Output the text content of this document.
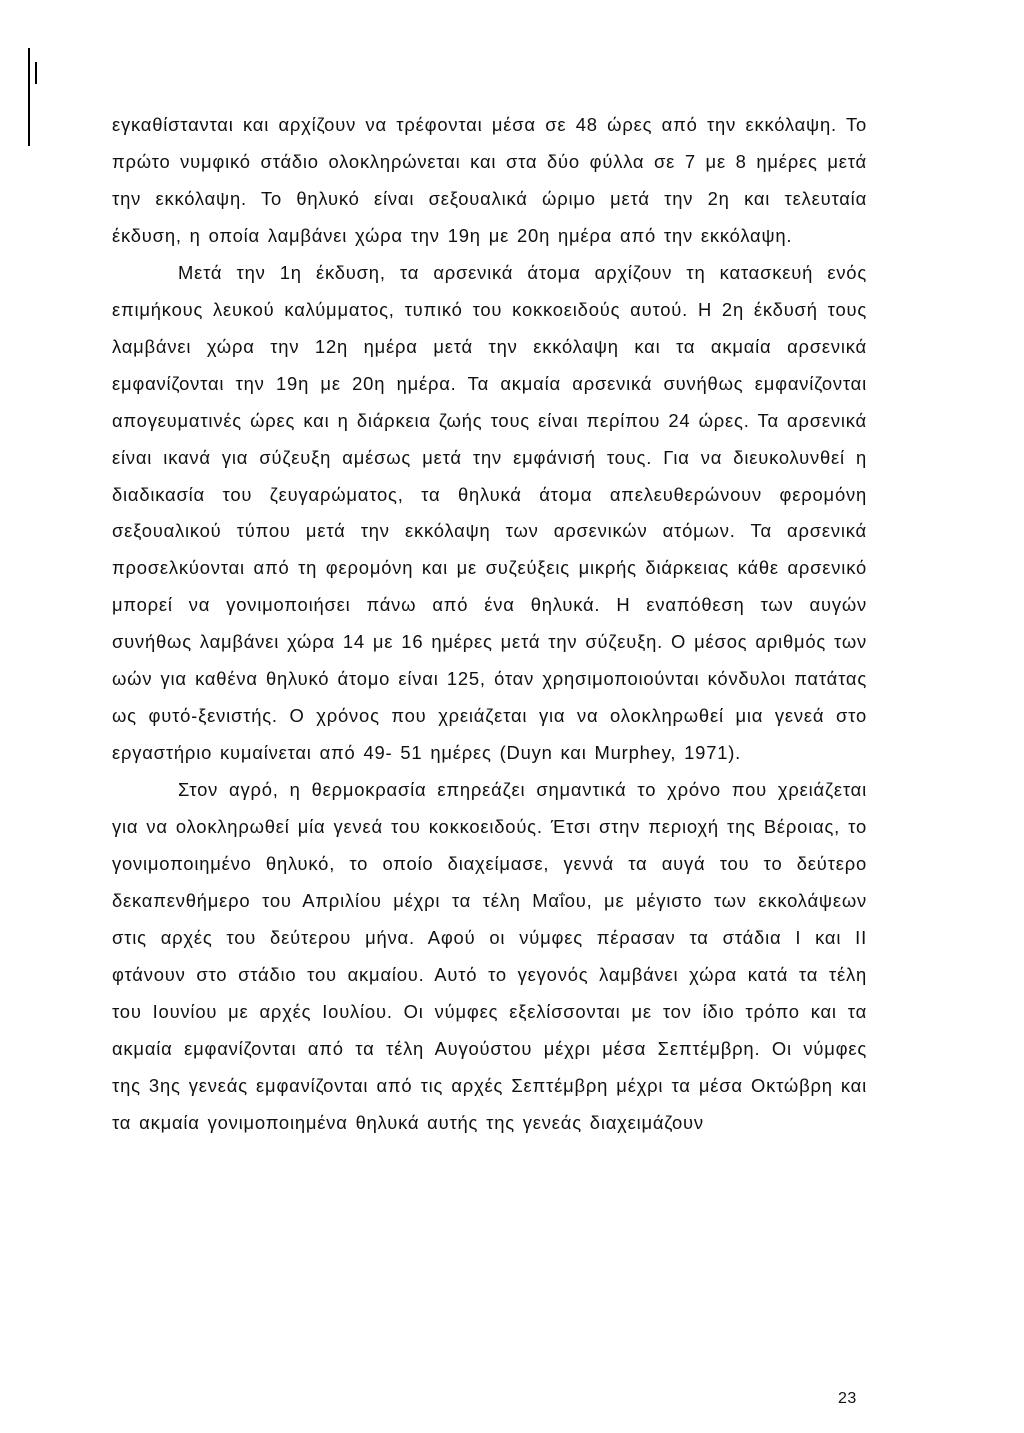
εγκαθίστανται και αρχίζουν να τρέφονται μέσα σε 48 ώρες από την εκκόλαψη. Το πρώτο νυμφικό στάδιο ολοκληρώνεται και στα δύο φύλλα σε 7 με 8 ημέρες μετά την εκκόλαψη. Το θηλυκό είναι σεξουαλικά ώριμο μετά την 2η και τελευταία έκδυση, η οποία λαμβάνει χώρα την 19η με 20η ημέρα από την εκκόλαψη.

Μετά την 1η έκδυση, τα αρσενικά άτομα αρχίζουν τη κατασκευή ενός επιμήκους λευκού καλύμματος, τυπικό του κοκκοειδούς αυτού. Η 2η έκδυσή τους λαμβάνει χώρα την 12η ημέρα μετά την εκκόλαψη και τα ακμαία αρσενικά εμφανίζονται την 19η με 20η ημέρα. Τα ακμαία αρσενικά συνήθως εμφανίζονται απογευματινές ώρες και η διάρκεια ζωής τους είναι περίπου 24 ώρες. Τα αρσενικά είναι ικανά για σύζευξη αμέσως μετά την εμφάνισή τους. Για να διευκολυνθεί η διαδικασία του ζευγαρώματος, τα θηλυκά άτομα απελευθερώνουν φερομόνη σεξουαλικού τύπου μετά την εκκόλαψη των αρσενικών ατόμων. Τα αρσενικά προσελκύονται από τη φερομόνη και με συζεύξεις μικρής διάρκειας κάθε αρσενικό μπορεί να γονιμοποιήσει πάνω από ένα θηλυκά. Η εναπόθεση των αυγών συνήθως λαμβάνει χώρα 14 με 16 ημέρες μετά την σύζευξη. Ο μέσος αριθμός των ωών για καθένα θηλυκό άτομο είναι 125, όταν χρησιμοποιούνται κόνδυλοι πατάτας ως φυτό-ξενιστής. Ο χρόνος που χρειάζεται για να ολοκληρωθεί μια γενεά στο εργαστήριο κυμαίνεται από 49- 51 ημέρες (Duyn και Murphey, 1971).

Στον αγρό, η θερμοκρασία επηρεάζει σημαντικά το χρόνο που χρειάζεται για να ολοκληρωθεί μία γενεά του κοκκοειδούς. Έτσι στην περιοχή της Βέροιας, το γονιμοποιημένο θηλυκό, το οποίο διαχείμασε, γεννά τα αυγά του το δεύτερο δεκαπενθήμερο του Απριλίου μέχρι τα τέλη Μαΐου, με μέγιστο των εκκολάψεων στις αρχές του δεύτερου μήνα. Αφού οι νύμφες πέρασαν τα στάδια Ι και ΙΙ φτάνουν στο στάδιο του ακμαίου. Αυτό το γεγονός λαμβάνει χώρα κατά τα τέλη του Ιουνίου με αρχές Ιουλίου. Οι νύμφες εξελίσσονται με τον ίδιο τρόπο και τα ακμαία εμφανίζονται από τα τέλη Αυγούστου μέχρι μέσα Σεπτέμβρη. Οι νύμφες της 3ης γενεάς εμφανίζονται από τις αρχές Σεπτέμβρη μέχρι τα μέσα Οκτώβρη και τα ακμαία γονιμοποιημένα θηλυκά αυτής της γενεάς διαχειμάζουν

23
